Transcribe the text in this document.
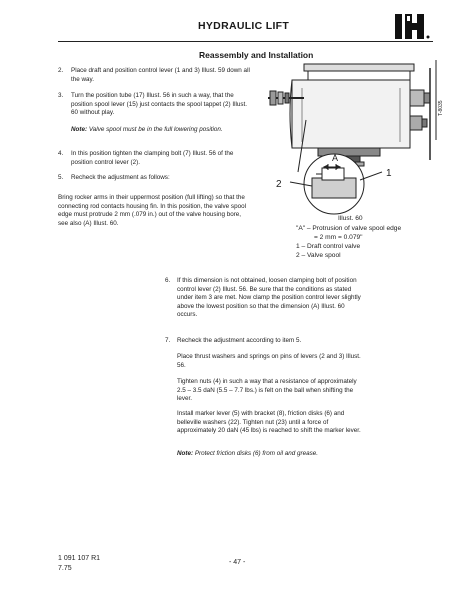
HYDRAULIC LIFT
Reassembly and Installation
2. Place draft and position control lever (1 and 3) Illust. 59 down all the way.
3. Turn the position tube (17) Illust. 56 in such a way, that the position spool lever (15) just contacts the spool tappet (2) Illust. 60 without play.
Note: Valve spool must be in the full lowering position.
4. In this position tighten the clamping bolt (7) Illust. 56 of the position control lever (2).
5. Recheck the adjustment as follows:
Bring rocker arms in their uppermost position (full lifting) so that the connecting rod contacts housing fin. In this position, the valve spool edge must protrude 2 mm (.079 in.) out of the valve housing bore, see also (A) Illust. 60.
A
1
2
T-8035
Illust. 60
"A" – Protrusion of valve spool edge
= 2 mm = 0.079"
1 – Draft control valve
2 – Valve spool
6. If this dimension is not obtained, loosen clamping bolt of position control lever (2) Illust. 56. Be sure that the conditions as stated under item 3 are met. Now clamp the position control lever slightly above the lowest position so that the dimension (A) Illust. 60 occurs.
7. Recheck the adjustment according to item 5.
Place thrust washers and springs on pins of levers (2 and 3) Illust. 56.
Tighten nuts (4) in such a way that a resistance of approximately 2.5 – 3.5 daN (5.5 – 7.7 lbs.) is felt on the ball when shifting the lever.
Install marker lever (5) with bracket (8), friction disks (6) and belleville washers (22). Tighten nut (23) until a force of approximately 20 daN (45 lbs) is reached to shift the marker lever.
Note: Protect friction disks (6) from oil and grease.
1 091 107 R1
7.75
- 47 -
